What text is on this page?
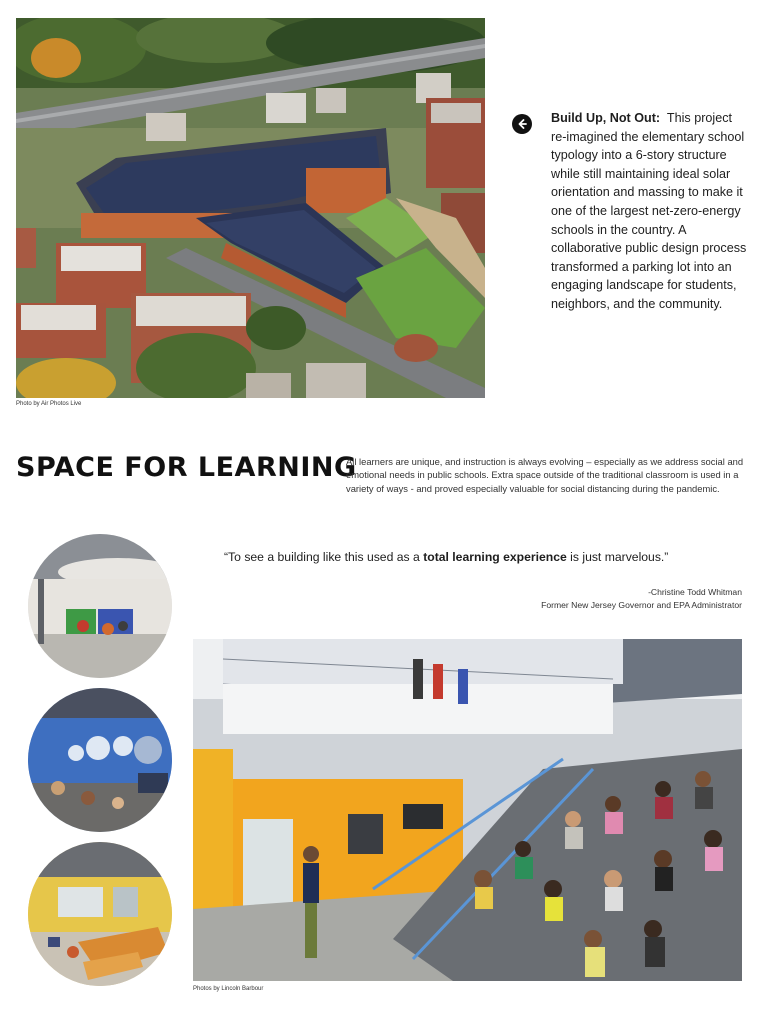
Photo by Air Photos Live
Build Up, Not Out: This project re-imagined the elementary school typology into a 6-story structure while still maintaining ideal solar orientation and massing to make it one of the largest net-zero-energy schools in the country. A collaborative public design process transformed a parking lot into an engaging landscape for students, neighbors, and the community.
SPACE FOR LEARNING
All learners are unique, and instruction is always evolving – especially as we address social and emotional needs in public schools. Extra space outside of the traditional classroom is used in a variety of ways - and proved especially valuable for social distancing during the pandemic.
“To see a building like this used as a total learning experience is just marvelous.”
-Christine Todd Whitman
Former New Jersey Governor and EPA Administrator
Photos by Lincoln Barbour
